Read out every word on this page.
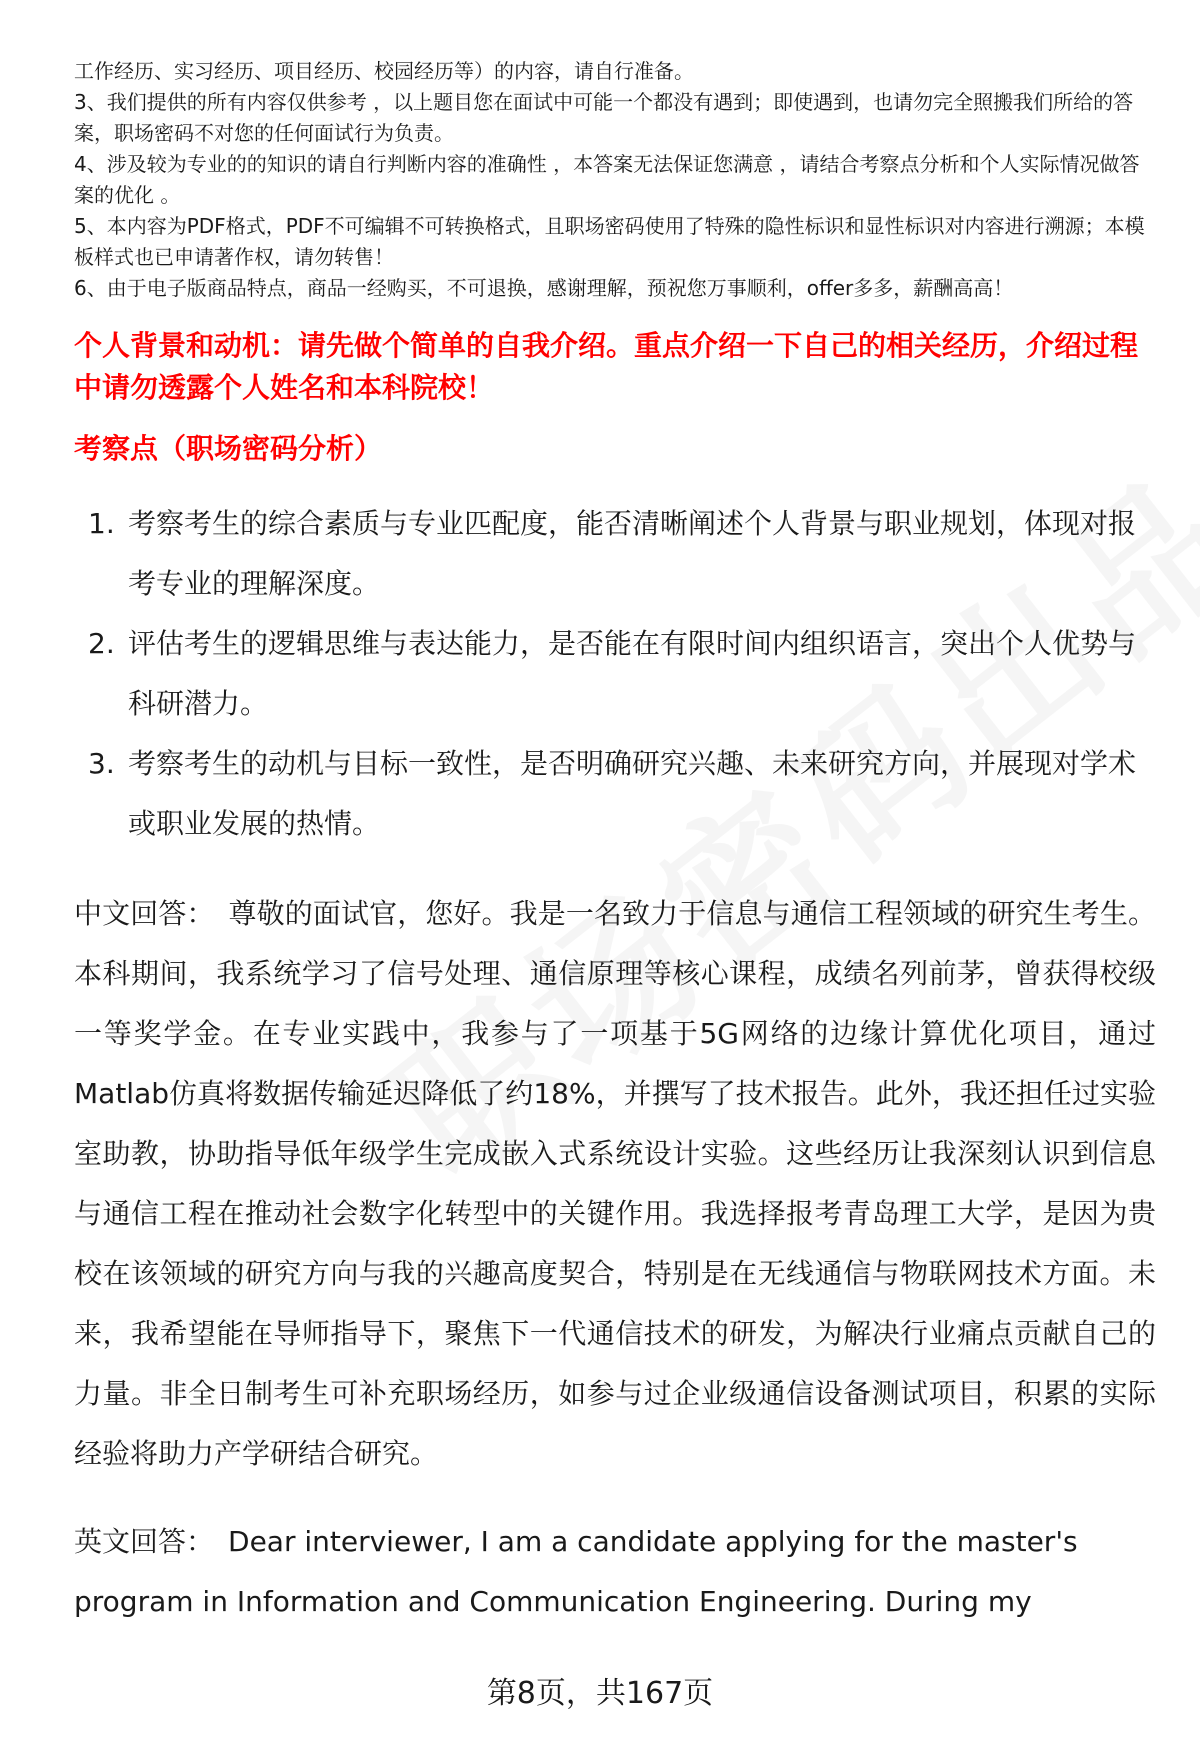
工作经历、实习经历、项目经历、校园经历等）的内容，请自行准备。

3、我们提供的所有内容仅供参考 ，以上题目您在面试中可能一个都没有遇到；即使遇到，也请勿完全照搬我们所给的答案，职场密码不对您的任何面试行为负责。

4、涉及较为专业的的知识的请自行判断内容的准确性 ，本答案无法保证您满意 ，请结合考察点分析和个人实际情况做答案的优化 。

5、本内容为PDF格式，PDF不可编辑不可转换格式，且职场密码使用了特殊的隐性标识和显性标识对内容进行溯源；本模板样式也已申请著作权，请勿转售！

6、由于电子版商品特点，商品一经购买，不可退换，感谢理解，预祝您万事顺利，offer多多，薪酬高高！

个人背景和动机：请先做个简单的自我介绍。重点介绍一下自己的相关经历，介绍过程中请勿透露个人姓名和本科院校！
考察点（职场密码分析）
1. 考察考生的综合素质与专业匹配度，能否清晰阐述个人背景与职业规划，体现对报考专业的理解深度。
2. 评估考生的逻辑思维与表达能力，是否能在有限时间内组织语言，突出个人优势与科研潜力。
3. 考察考生的动机与目标一致性，是否明确研究兴趣、未来研究方向，并展现对学术或职业发展的热情。
中文回答： 尊敬的面试官，您好。我是一名致力于信息与通信工程领域的研究生考生。本科期间，我系统学习了信号处理、通信原理等核心课程，成绩名列前茅，曾获得校级一等奖学金。在专业实践中，我参与了一项基于5G网络的边缘计算优化项目，通过Matlab仿真将数据传输延迟降低了约18%，并撰写了技术报告。此外，我还担任过实验室助教，协助指导低年级学生完成嵌入式系统设计实验。这些经历让我深刻认识到信息与通信工程在推动社会数字化转型中的关键作用。我选择报考青岛理工大学，是因为贵校在该领域的研究方向与我的兴趣高度契合，特别是在无线通信与物联网技术方面。未来，我希望能在导师指导下，聚焦下一代通信技术的研发，为解决行业痛点贡献自己的力量。非全日制考生可补充职场经历，如参与过企业级通信设备测试项目，积累的实际经验将助力产学研结合研究。
英文回答： Dear interviewer, I am a candidate applying for the master's program in Information and Communication Engineering. During my
第8页，共167页
